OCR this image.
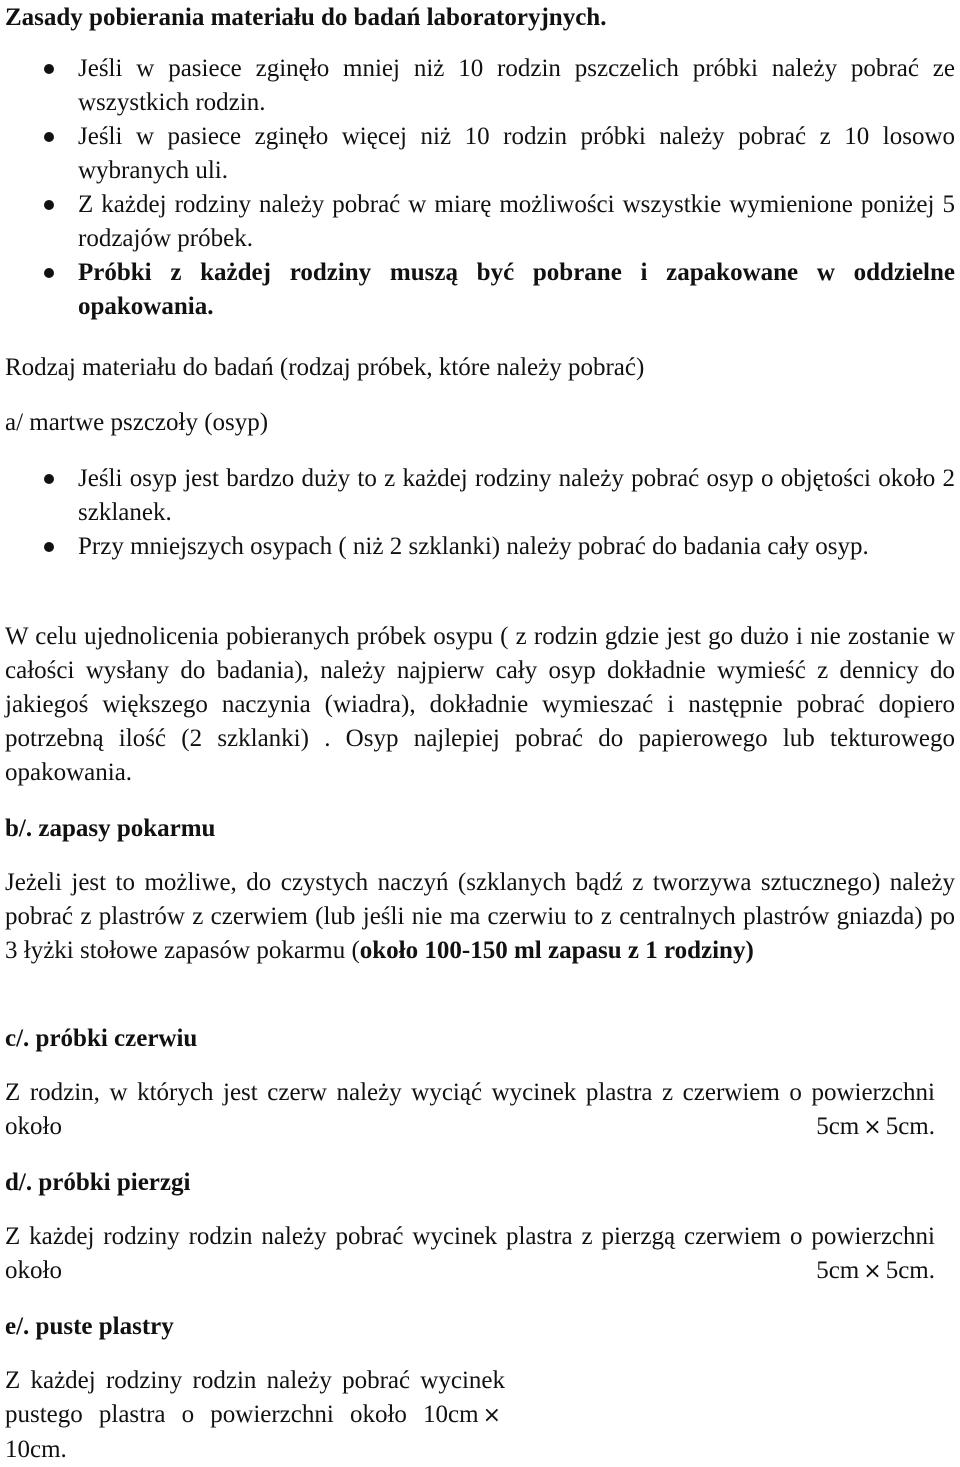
Zasady pobierania materiału do badań laboratoryjnych.

Jeśli w pasiece zginęło mniej niż 10 rodzin pszczelich próbki należy pobrać ze wszystkich rodzin.
Jeśli w pasiece zginęło więcej niż 10 rodzin próbki należy pobrać z 10 losowo wybranych uli.
Z każdej rodziny należy pobrać w miarę możliwości wszystkie wymienione poniżej 5 rodzajów próbek.
Próbki z każdej rodziny muszą być pobrane i zapakowane w oddzielne opakowania.

Rodzaj materiału do badań (rodzaj próbek, które należy pobrać)

a/ martwe pszczoły (osyp)

Jeśli osyp jest bardzo duży to z każdej rodziny należy pobrać osyp o objętości około 2 szklanek.
Przy mniejszych osypach ( niż 2 szklanki) należy pobrać do badania cały osyp.

W celu ujednolicenia pobieranych próbek osypu ( z rodzin gdzie jest go dużo i nie zostanie w całości wysłany do badania), należy najpierw cały osyp dokładnie wymieść z dennicy do jakiegoś większego naczynia (wiadra), dokładnie wymieszać i następnie pobrać dopiero potrzebną ilość (2 szklanki) . Osyp najlepiej pobrać do papierowego lub tekturowego opakowania.

b/. zapasy pokarmu

Jeżeli jest to możliwe, do czystych naczyń (szklanych bądź z tworzywa sztucznego) należy pobrać z plastrów z czerwiem (lub jeśli nie ma czerwiu to z centralnych plastrów gniazda) po 3 łyżki stołowe zapasów pokarmu (około 100-150 ml zapasu z 1 rodziny)

c/. próbki czerwiu

Z rodzin, w których jest czerw należy wyciąć wycinek plastra z czerwiem o powierzchni około 5cm × 5cm.

d/. próbki pierzgi

Z każdej rodziny rodzin należy pobrać wycinek plastra z pierzgą czerwiem o powierzchni około 5cm × 5cm.

e/. puste plastry

Z każdej rodziny rodzin należy pobrać wycinek pustego plastra o powierzchni około 10cm ×10cm.
